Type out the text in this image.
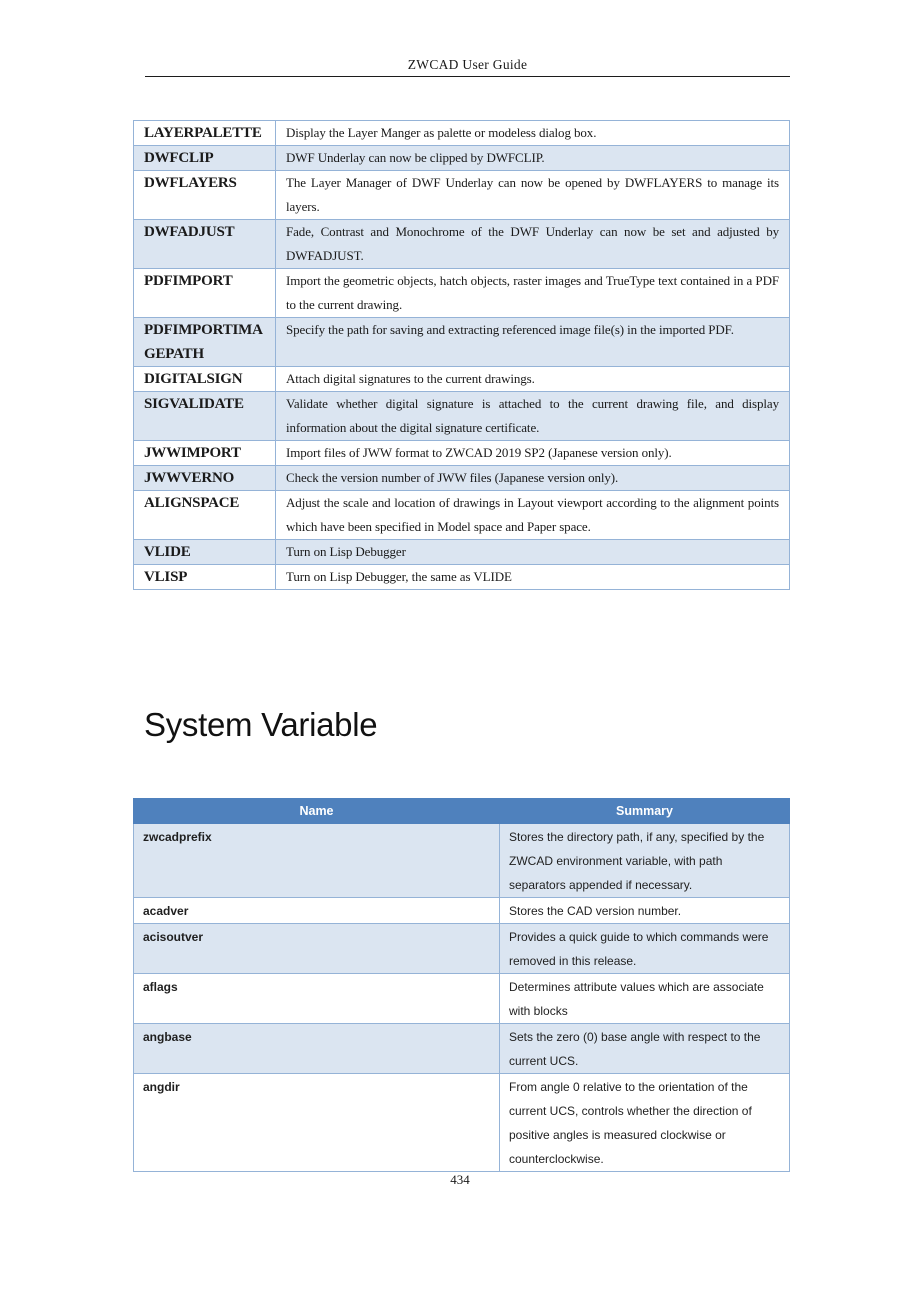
ZWCAD User Guide
LAYERPALETTE	Display the Layer Manger as palette or modeless dialog box.
DWFCLIP	DWF Underlay can now be clipped by DWFCLIP.
DWFLAYERS	The Layer Manager of DWF Underlay can now be opened by DWFLAYERS to manage its layers.
DWFADJUST	Fade, Contrast and Monochrome of the DWF Underlay can now be set and adjusted by DWFADJUST.
PDFIMPORT	Import the geometric objects, hatch objects, raster images and TrueType text contained in a PDF to the current drawing.
PDFIMPORTIMAGEPATH	Specify the path for saving and extracting referenced image file(s) in the imported PDF.
DIGITALSIGN	Attach digital signatures to the current drawings.
SIGVALIDATE	Validate whether digital signature is attached to the current drawing file, and display information about the digital signature certificate.
JWWIMPORT	Import files of JWW format to ZWCAD 2019 SP2 (Japanese version only).
JWWVERNO	Check the version number of JWW files (Japanese version only).
ALIGNSPACE	Adjust the scale and location of drawings in Layout viewport according to the alignment points which have been specified in Model space and Paper space.
VLIDE	Turn on Lisp Debugger
VLISP	Turn on Lisp Debugger, the same as VLIDE
System Variable
Name	Summary
zwcadprefix	Stores the directory path, if any, specified by the ZWCAD environment variable, with path separators appended if necessary.
acadver	Stores the CAD version number.
acisoutver	Provides a quick guide to which commands were removed in this release.
aflags	Determines attribute values which are associate with blocks
angbase	Sets the zero (0) base angle with respect to the current UCS.
angdir	From angle 0 relative to the orientation of the current UCS, controls whether the direction of positive angles is measured clockwise or counterclockwise.
434
